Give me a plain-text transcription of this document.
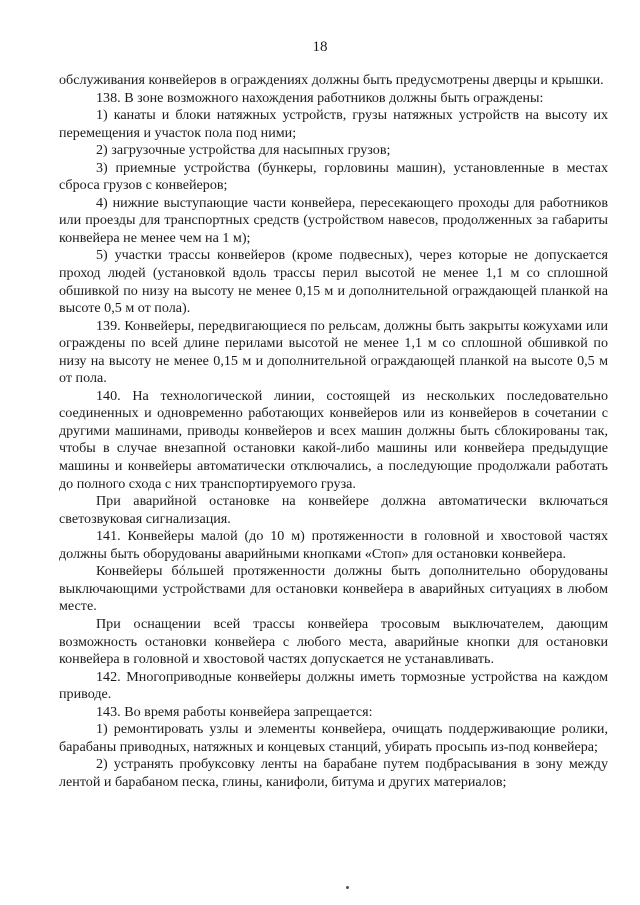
18

обслуживания конвейеров в ограждениях должны быть предусмотрены дверцы и крышки.

138. В зоне возможного нахождения работников должны быть ограждены:

1) канаты и блоки натяжных устройств, грузы натяжных устройств на высоту их перемещения и участок пола под ними;

2) загрузочные устройства для насыпных грузов;

3) приемные устройства (бункеры, горловины машин), установленные в местах сброса грузов с конвейеров;

4) нижние выступающие части конвейера, пересекающего проходы для работников или проезды для транспортных средств (устройством навесов, продолженных за габариты конвейера не менее чем на 1 м);

5) участки трассы конвейеров (кроме подвесных), через которые не допускается проход людей (установкой вдоль трассы перил высотой не менее 1,1 м со сплошной обшивкой по низу на высоту не менее 0,15 м и дополнительной ограждающей планкой на высоте 0,5 м от пола).

139. Конвейеры, передвигающиеся по рельсам, должны быть закрыты кожухами или ограждены по всей длине перилами высотой не менее 1,1 м со сплошной обшивкой по низу на высоту не менее 0,15 м и дополнительной ограждающей планкой на высоте 0,5 м от пола.

140. На технологической линии, состоящей из нескольких последовательно соединенных и одновременно работающих конвейеров или из конвейеров в сочетании с другими машинами, приводы конвейеров и всех машин должны быть сблокированы так, чтобы в случае внезапной остановки какой-либо машины или конвейера предыдущие машины и конвейеры автоматически отключались, а последующие продолжали работать до полного схода с них транспортируемого груза.

При аварийной остановке на конвейере должна автоматически включаться светозвуковая сигнализация.

141. Конвейеры малой (до 10 м) протяженности в головной и хвостовой частях должны быть оборудованы аварийными кнопками «Стоп» для остановки конвейера.

Конвейеры бóльшей протяженности должны быть дополнительно оборудованы выключающими устройствами для остановки конвейера в аварийных ситуациях в любом месте.

При оснащении всей трассы конвейера тросовым выключателем, дающим возможность остановки конвейера с любого места, аварийные кнопки для остановки конвейера в головной и хвостовой частях допускается не устанавливать.

142. Многоприводные конвейеры должны иметь тормозные устройства на каждом приводе.

143. Во время работы конвейера запрещается:

1) ремонтировать узлы и элементы конвейера, очищать поддерживающие ролики, барабаны приводных, натяжных и концевых станций, убирать просыпь из-под конвейера;

2) устранять пробуксовку ленты на барабане путем подбрасывания в зону между лентой и барабаном песка, глины, канифоли, битума и других материалов;
